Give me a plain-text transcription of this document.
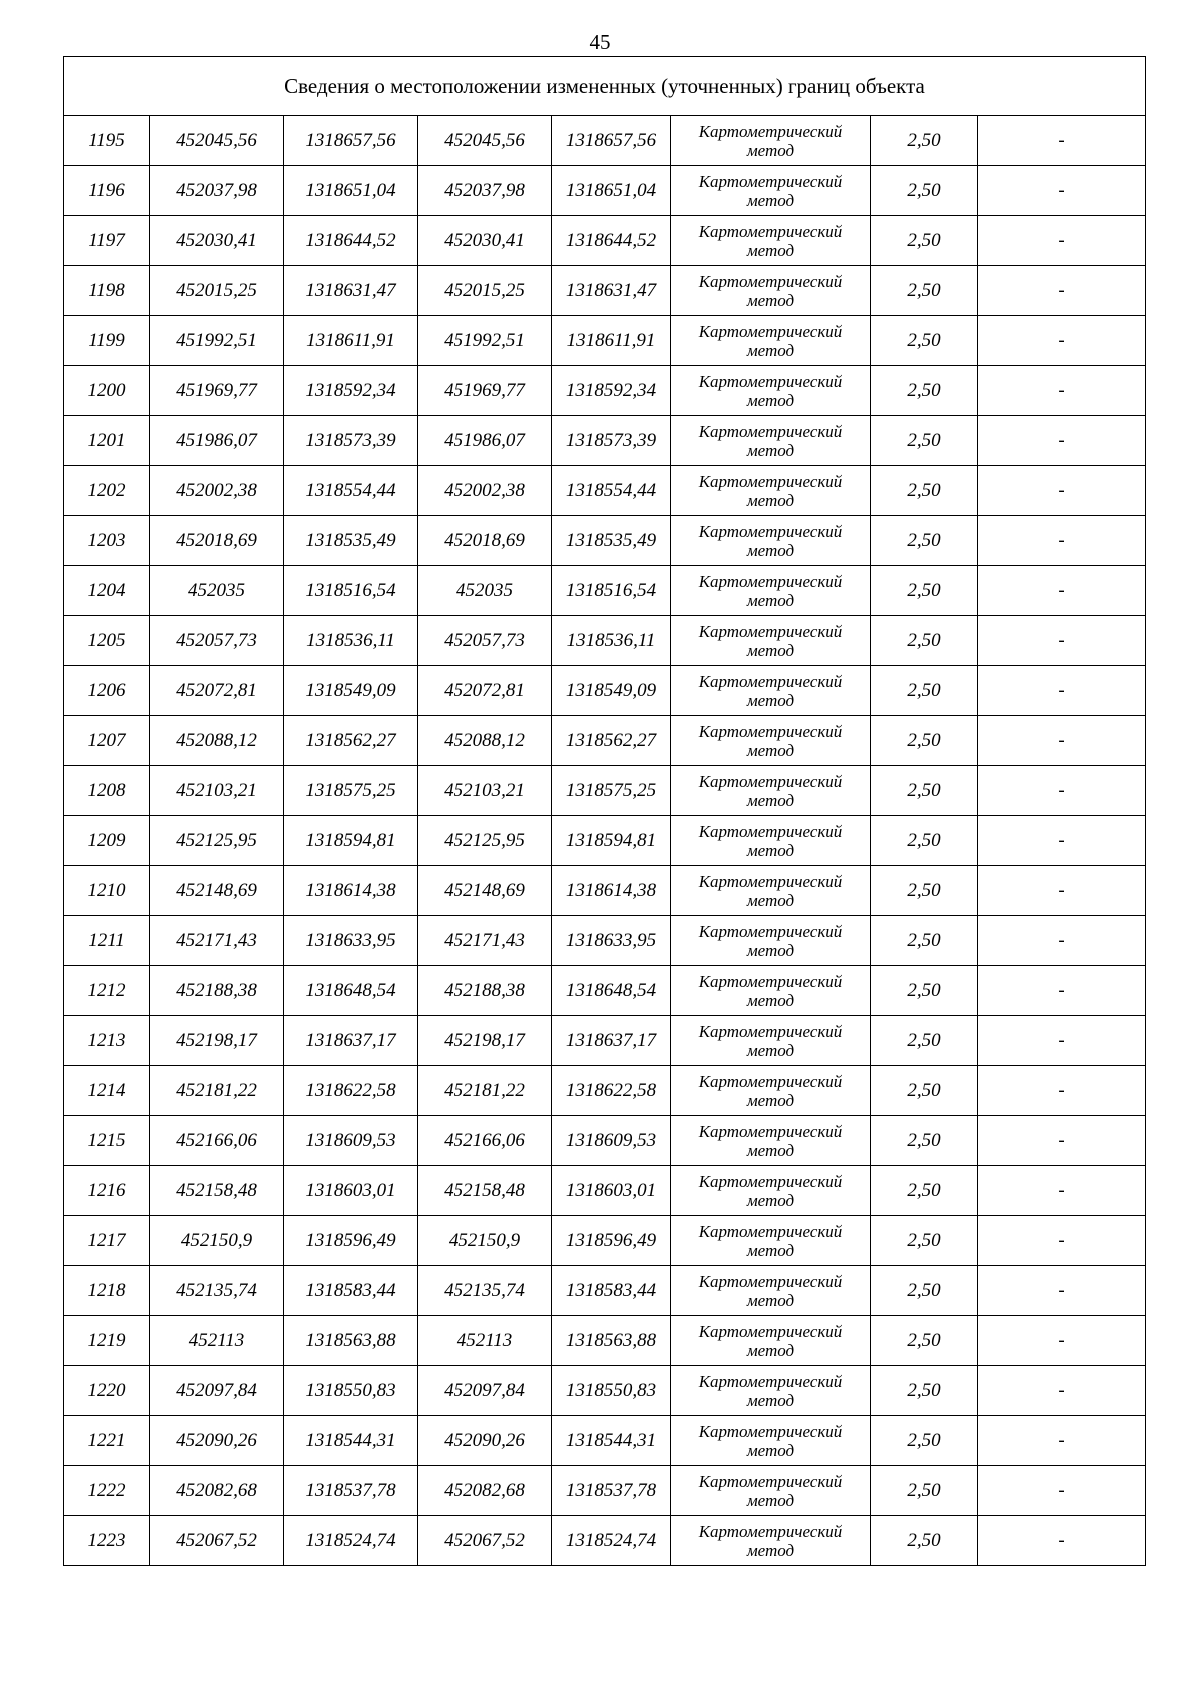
45
Сведения о местоположении измененных (уточненных) границ объекта							
1195	452045,56	1318657,56	452045,56	1318657,56	Картометрический
метод	2,50	-
1196	452037,98	1318651,04	452037,98	1318651,04	Картометрический
метод	2,50	-
1197	452030,41	1318644,52	452030,41	1318644,52	Картометрический
метод	2,50	-
1198	452015,25	1318631,47	452015,25	1318631,47	Картометрический
метод	2,50	-
1199	451992,51	1318611,91	451992,51	1318611,91	Картометрический
метод	2,50	-
1200	451969,77	1318592,34	451969,77	1318592,34	Картометрический
метод	2,50	-
1201	451986,07	1318573,39	451986,07	1318573,39	Картометрический
метод	2,50	-
1202	452002,38	1318554,44	452002,38	1318554,44	Картометрический
метод	2,50	-
1203	452018,69	1318535,49	452018,69	1318535,49	Картометрический
метод	2,50	-
1204	452035	1318516,54	452035	1318516,54	Картометрический
метод	2,50	-
1205	452057,73	1318536,11	452057,73	1318536,11	Картометрический
метод	2,50	-
1206	452072,81	1318549,09	452072,81	1318549,09	Картометрический
метод	2,50	-
1207	452088,12	1318562,27	452088,12	1318562,27	Картометрический
метод	2,50	-
1208	452103,21	1318575,25	452103,21	1318575,25	Картометрический
метод	2,50	-
1209	452125,95	1318594,81	452125,95	1318594,81	Картометрический
метод	2,50	-
1210	452148,69	1318614,38	452148,69	1318614,38	Картометрический
метод	2,50	-
1211	452171,43	1318633,95	452171,43	1318633,95	Картометрический
метод	2,50	-
1212	452188,38	1318648,54	452188,38	1318648,54	Картометрический
метод	2,50	-
1213	452198,17	1318637,17	452198,17	1318637,17	Картометрический
метод	2,50	-
1214	452181,22	1318622,58	452181,22	1318622,58	Картометрический
метод	2,50	-
1215	452166,06	1318609,53	452166,06	1318609,53	Картометрический
метод	2,50	-
1216	452158,48	1318603,01	452158,48	1318603,01	Картометрический
метод	2,50	-
1217	452150,9	1318596,49	452150,9	1318596,49	Картометрический
метод	2,50	-
1218	452135,74	1318583,44	452135,74	1318583,44	Картометрический
метод	2,50	-
1219	452113	1318563,88	452113	1318563,88	Картометрический
метод	2,50	-
1220	452097,84	1318550,83	452097,84	1318550,83	Картометрический
метод	2,50	-
1221	452090,26	1318544,31	452090,26	1318544,31	Картометрический
метод	2,50	-
1222	452082,68	1318537,78	452082,68	1318537,78	Картометрический
метод	2,50	-
1223	452067,52	1318524,74	452067,52	1318524,74	Картометрический
метод	2,50	-
